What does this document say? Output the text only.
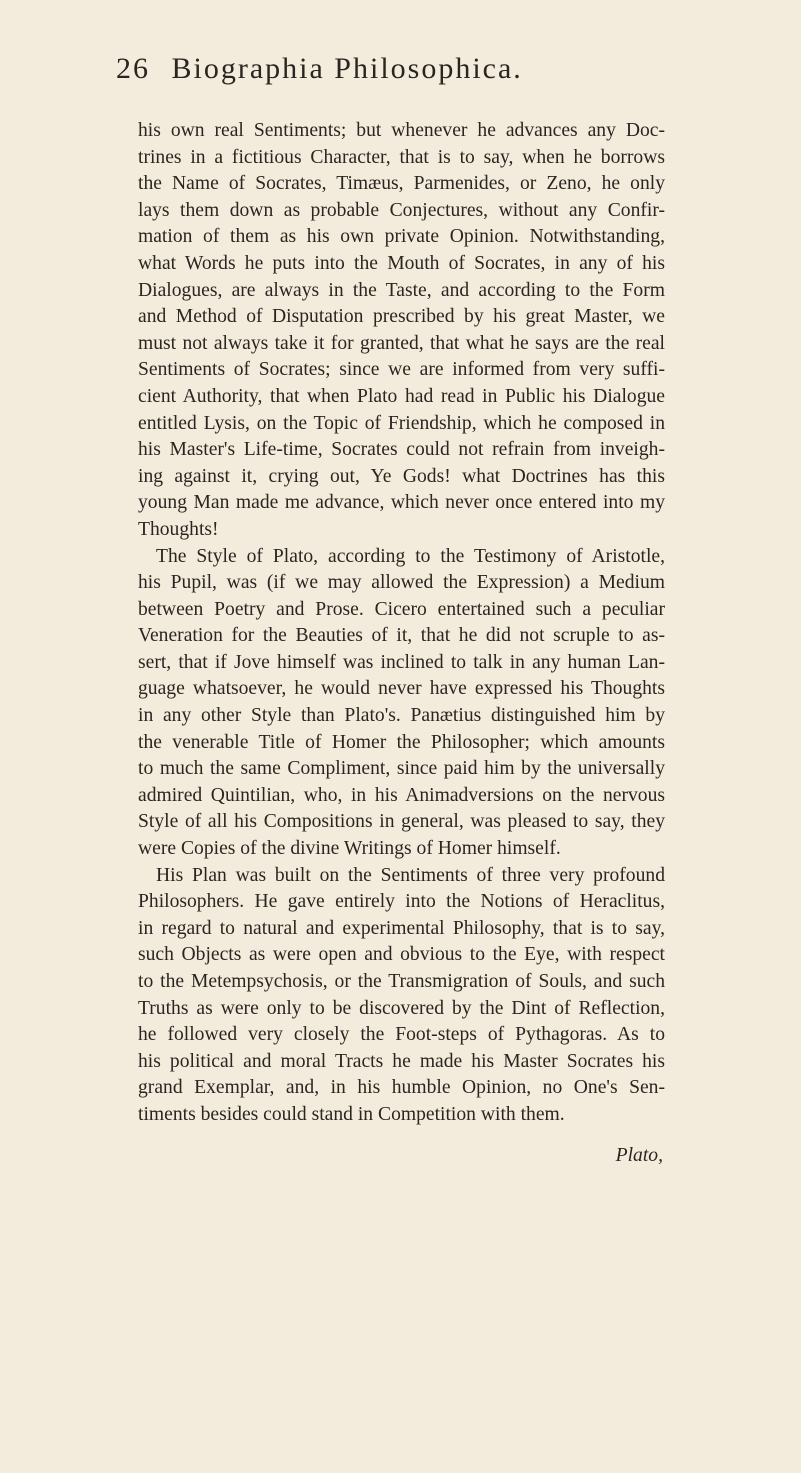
26 Biographia Philosophica.
his own real Sentiments; but whenever he advances any Doc-
trines in a fictitious Character, that is to say, when he borrows
the Name of Socrates, Timæus, Parmenides, or Zeno, he only
lays them down as probable Conjectures, without any Confir-
mation of them as his own private Opinion. Notwithstanding,
what Words he puts into the Mouth of Socrates, in any of his
Dialogues, are always in the Taste, and according to the Form
and Method of Disputation prescribed by his great Master, we
must not always take it for granted, that what he says are the real
Sentiments of Socrates; since we are informed from very suffi-
cient Authority, that when Plato had read in Public his Dialogue
entitled Lysis, on the Topic of Friendship, which he composed in
his Master's Life-time, Socrates could not refrain from inveigh-
ing against it, crying out, Ye Gods! what Doctrines has this
young Man made me advance, which never once entered into my
Thoughts!
The Style of Plato, according to the Testimony of Aristotle,
his Pupil, was (if we may allowed the Expression) a Medium
between Poetry and Prose. Cicero entertained such a peculiar
Veneration for the Beauties of it, that he did not scruple to as-
sert, that if Jove himself was inclined to talk in any human Lan-
guage whatsoever, he would never have expressed his Thoughts
in any other Style than Plato's. Panætius distinguished him by
the venerable Title of Homer the Philosopher; which amounts
to much the same Compliment, since paid him by the universally
admired Quintilian, who, in his Animadversions on the nervous
Style of all his Compositions in general, was pleased to say, they
were Copies of the divine Writings of Homer himself.
His Plan was built on the Sentiments of three very profound
Philosophers. He gave entirely into the Notions of Heraclitus,
in regard to natural and experimental Philosophy, that is to say,
such Objects as were open and obvious to the Eye, with respect
to the Metempsychosis, or the Transmigration of Souls, and such
Truths as were only to be discovered by the Dint of Reflection,
he followed very closely the Foot-steps of Pythagoras. As to
his political and moral Tracts he made his Master Socrates his
grand Exemplar, and, in his humble Opinion, no One's Sen-
timents besides could stand in Competition with them.
Plato,
